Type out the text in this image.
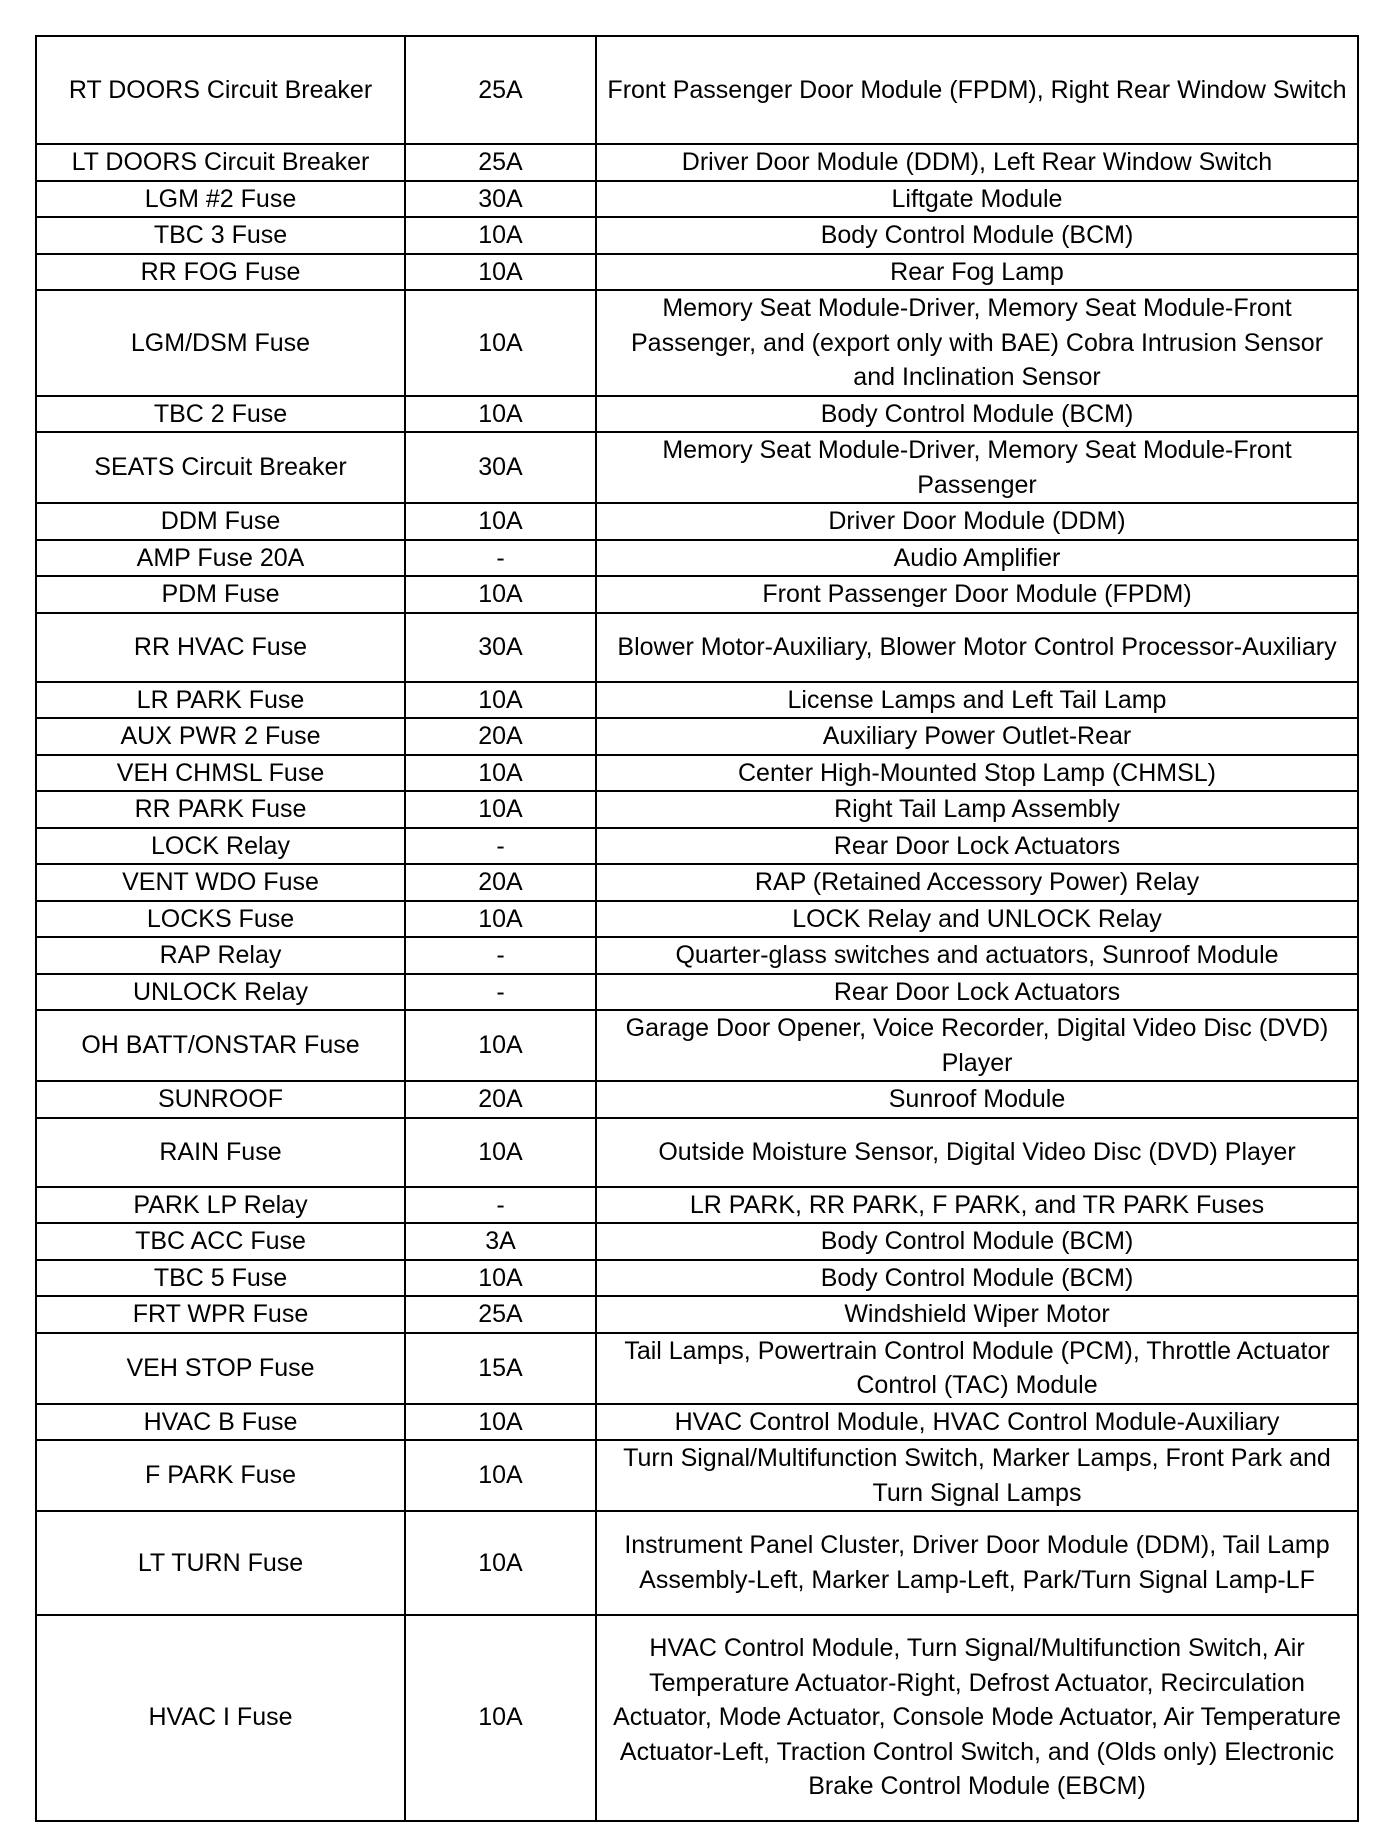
RT DOORS Circuit Breaker	25A	Front Passenger Door Module (FPDM), Right Rear Window Switch
LT DOORS Circuit Breaker	25A	Driver Door Module (DDM), Left Rear Window Switch
LGM #2 Fuse	30A	Liftgate Module
TBC 3 Fuse	10A	Body Control Module (BCM)
RR FOG Fuse	10A	Rear Fog Lamp
LGM/DSM Fuse	10A	Memory Seat Module-Driver, Memory Seat Module-Front Passenger, and (export only with BAE) Cobra Intrusion Sensor and Inclination Sensor
TBC 2 Fuse	10A	Body Control Module (BCM)
SEATS Circuit Breaker	30A	Memory Seat Module-Driver, Memory Seat Module-Front Passenger
DDM Fuse	10A	Driver Door Module (DDM)
AMP Fuse 20A	-	Audio Amplifier
PDM Fuse	10A	Front Passenger Door Module (FPDM)
RR HVAC Fuse	30A	Blower Motor-Auxiliary, Blower Motor Control Processor-Auxiliary
LR PARK Fuse	10A	License Lamps and Left Tail Lamp
AUX PWR 2 Fuse	20A	Auxiliary Power Outlet-Rear
VEH CHMSL Fuse	10A	Center High-Mounted Stop Lamp (CHMSL)
RR PARK Fuse	10A	Right Tail Lamp Assembly
LOCK Relay	-	Rear Door Lock Actuators
VENT WDO Fuse	20A	RAP (Retained Accessory Power) Relay
LOCKS Fuse	10A	LOCK Relay and UNLOCK Relay
RAP Relay	-	Quarter-glass switches and actuators, Sunroof Module
UNLOCK Relay	-	Rear Door Lock Actuators
OH BATT/ONSTAR Fuse	10A	Garage Door Opener, Voice Recorder, Digital Video Disc (DVD) Player
SUNROOF	20A	Sunroof Module
RAIN Fuse	10A	Outside Moisture Sensor, Digital Video Disc (DVD) Player
PARK LP Relay	-	LR PARK, RR PARK, F PARK, and TR PARK Fuses
TBC ACC Fuse	3A	Body Control Module (BCM)
TBC 5 Fuse	10A	Body Control Module (BCM)
FRT WPR Fuse	25A	Windshield Wiper Motor
VEH STOP Fuse	15A	Tail Lamps, Powertrain Control Module (PCM), Throttle Actuator Control (TAC) Module
HVAC B Fuse	10A	HVAC Control Module, HVAC Control Module-Auxiliary
F PARK Fuse	10A	Turn Signal/Multifunction Switch, Marker Lamps, Front Park and Turn Signal Lamps
LT TURN Fuse	10A	Instrument Panel Cluster, Driver Door Module (DDM), Tail Lamp Assembly-Left, Marker Lamp-Left, Park/Turn Signal Lamp-LF
HVAC I Fuse	10A	HVAC Control Module, Turn Signal/Multifunction Switch, Air Temperature Actuator-Right, Defrost Actuator, Recirculation Actuator, Mode Actuator, Console Mode Actuator, Air Temperature Actuator-Left, Traction Control Switch, and (Olds only) Electronic Brake Control Module (EBCM)
